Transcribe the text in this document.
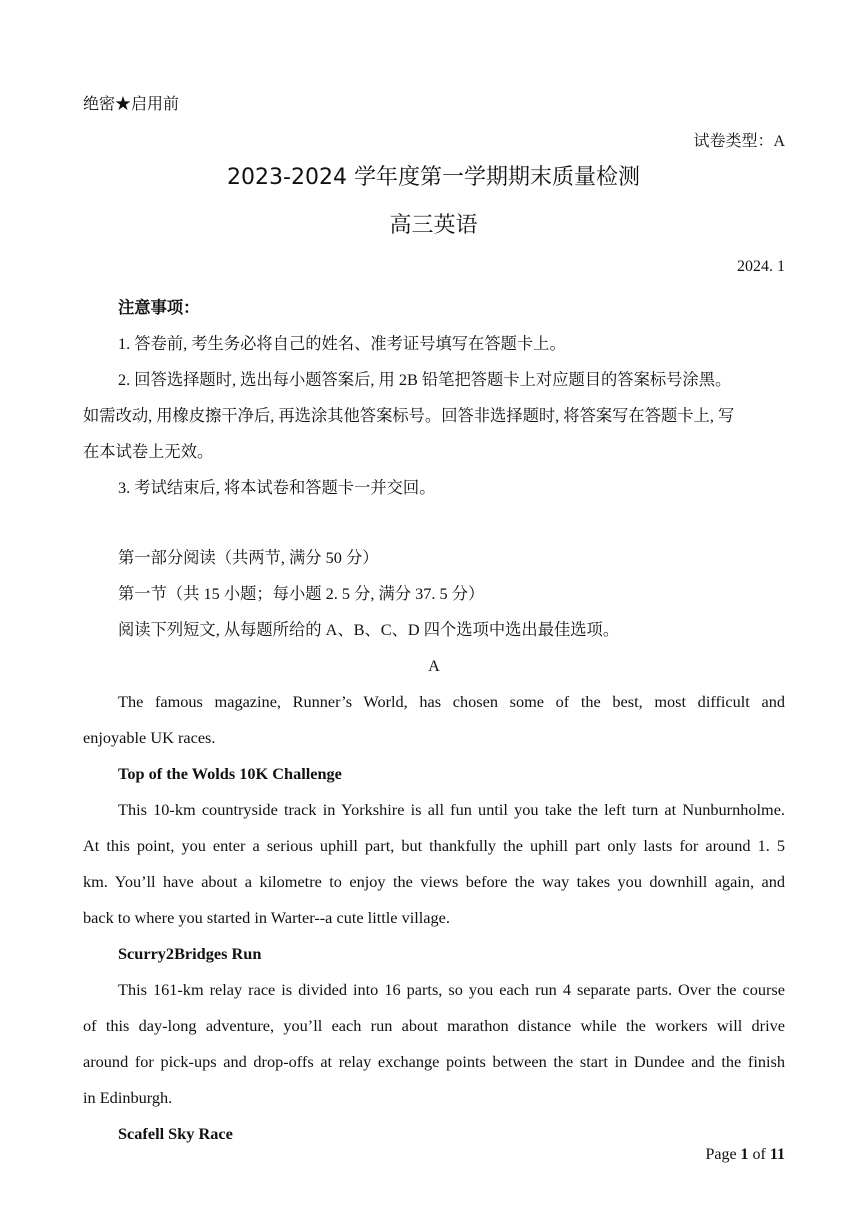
绝密★启用前
试卷类型：A
2023-2024 学年度第一学期期末质量检测
高三英语
2024. 1
注意事项：
1. 答卷前, 考生务必将自己的姓名、准考证号填写在答题卡上。
2. 回答选择题时, 选出每小题答案后, 用 2B 铅笔把答题卡上对应题目的答案标号涂黑。
如需改动, 用橡皮擦干净后, 再选涂其他答案标号。回答非选择题时, 将答案写在答题卡上, 写
在本试卷上无效。
3. 考试结束后, 将本试卷和答题卡一并交回。
第一部分阅读（共两节, 满分 50 分）
第一节（共 15 小题；每小题 2. 5 分, 满分 37. 5 分）
阅读下列短文, 从每题所给的 A、B、C、D 四个选项中选出最佳选项。
A
The famous magazine, Runner’s World, has chosen some of the best, most difficult and
enjoyable UK races.
Top of the Wolds 10K Challenge
This 10-km countryside track in Yorkshire is all fun until you take the left turn at Nunburnholme.
At this point, you enter a serious uphill part, but thankfully the uphill part only lasts for around 1. 5
km. You’ll have about a kilometre to enjoy the views before the way takes you downhill again, and
back to where you started in Warter--a cute little village.
Scurry2Bridges Run
This 161-km relay race is divided into 16 parts, so you each run 4 separate parts. Over the course
of this day-long adventure, you’ll each run about marathon distance while the workers will drive
around for pick-ups and drop-offs at relay exchange points between the start in Dundee and the finish
in Edinburgh.
Scafell Sky Race
Page 1 of 11
